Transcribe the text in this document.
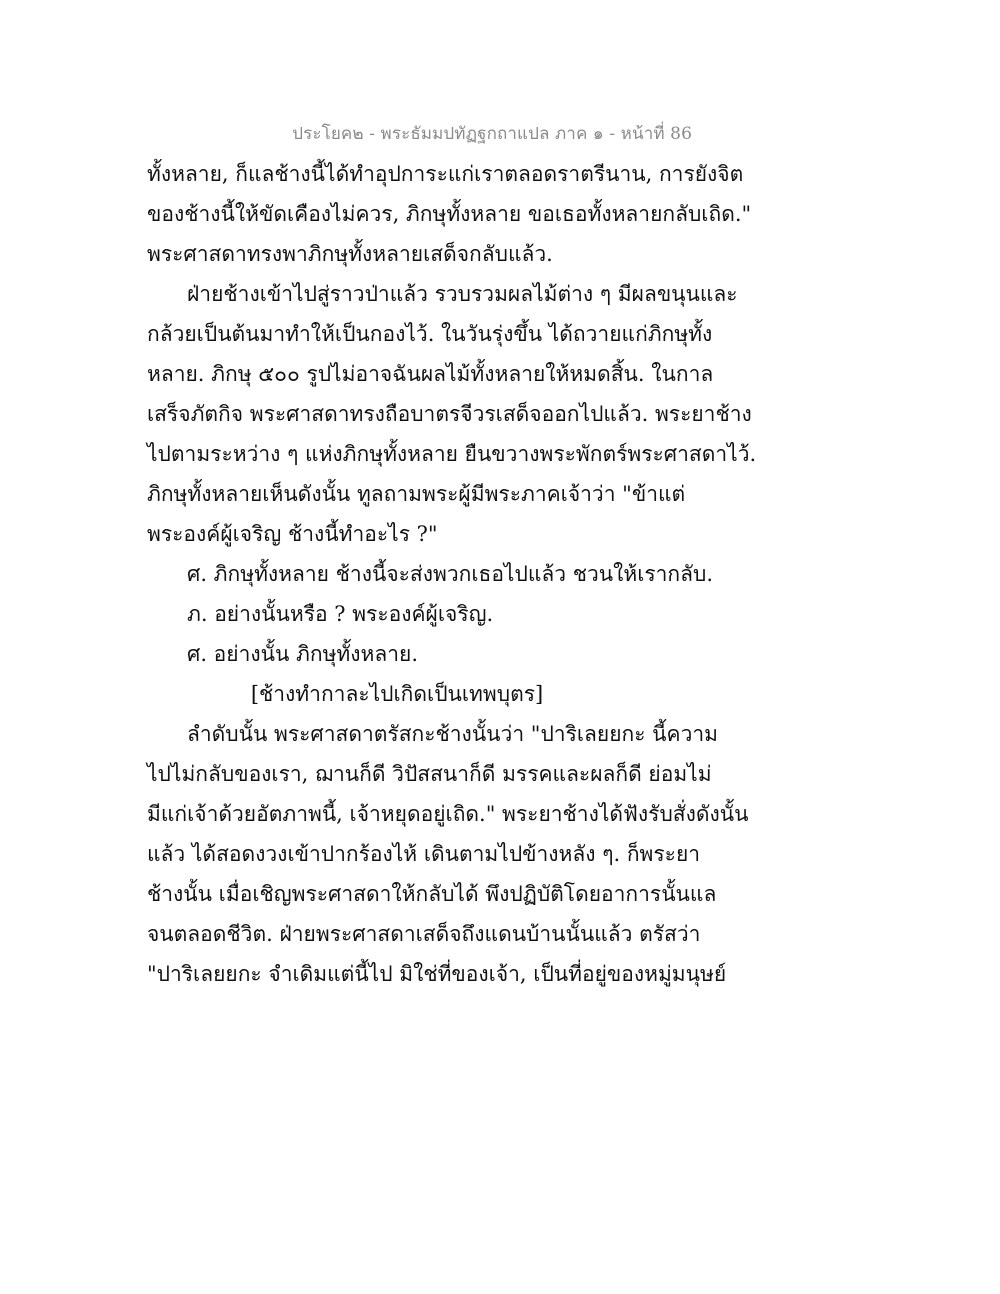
ประโยค๒ - พระธัมมปทัฏฐกถาแปล ภาค ๑ - หน้าที่ 86
ทั้งหลาย, ก็แลช้างนี้ได้ทำอุปการะแก่เราตลอดราตรีนาน, การยังจิต
ของช้างนี้ให้ขัดเคืองไม่ควร, ภิกษุทั้งหลาย ขอเธอทั้งหลายกลับเถิด."
พระศาสดาทรงพาภิกษุทั้งหลายเสด็จกลับแล้ว.
ฝ่ายช้างเข้าไปสู่ราวป่าแล้ว รวบรวมผลไม้ต่าง ๆ มีผลขนุนและ
กล้วยเป็นต้นมาทำให้เป็นกองไว้. ในวันรุ่งขึ้น ได้ถวายแก่ภิกษุทั้ง
หลาย. ภิกษุ ๕๐๐ รูปไม่อาจฉันผลไม้ทั้งหลายให้หมดสิ้น. ในกาล
เสร็จภัตกิจ พระศาสดาทรงถือบาตรจีวรเสด็จออกไปแล้ว. พระยาช้าง
ไปตามระหว่าง ๆ แห่งภิกษุทั้งหลาย ยืนขวางพระพักตร์พระศาสดาไว้.
ภิกษุทั้งหลายเห็นดังนั้น ทูลถามพระผู้มีพระภาคเจ้าว่า "ข้าแต่
พระองค์ผู้เจริญ ช้างนี้ทำอะไร ?"
ศ. ภิกษุทั้งหลาย ช้างนี้จะส่งพวกเธอไปแล้ว ชวนให้เรากลับ.
ภ. อย่างนั้นหรือ ? พระองค์ผู้เจริญ.
ศ. อย่างนั้น ภิกษุทั้งหลาย.
[ช้างทำกาละไปเกิดเป็นเทพบุตร]
ลำดับนั้น พระศาสดาตรัสกะช้างนั้นว่า "ปาริเลยยกะ นี้ความ
ไปไม่กลับของเรา, ฌานก็ดี วิปัสสนาก็ดี มรรคและผลก็ดี ย่อมไม่
มีแก่เจ้าด้วยอัตภาพนี้, เจ้าหยุดอยู่เถิด." พระยาช้างได้ฟังรับสั่งดังนั้น
แล้ว ได้สอดงวงเข้าปากร้องไห้ เดินตามไปข้างหลัง ๆ. ก็พระยา
ช้างนั้น เมื่อเชิญพระศาสดาให้กลับได้ พึงปฏิบัติโดยอาการนั้นแล
จนตลอดชีวิต. ฝ่ายพระศาสดาเสด็จถึงแดนบ้านนั้นแล้ว ตรัสว่า
"ปาริเลยยกะ จำเดิมแต่นี้ไป มิใช่ที่ของเจ้า, เป็นที่อยู่ของหมู่มนุษย์
